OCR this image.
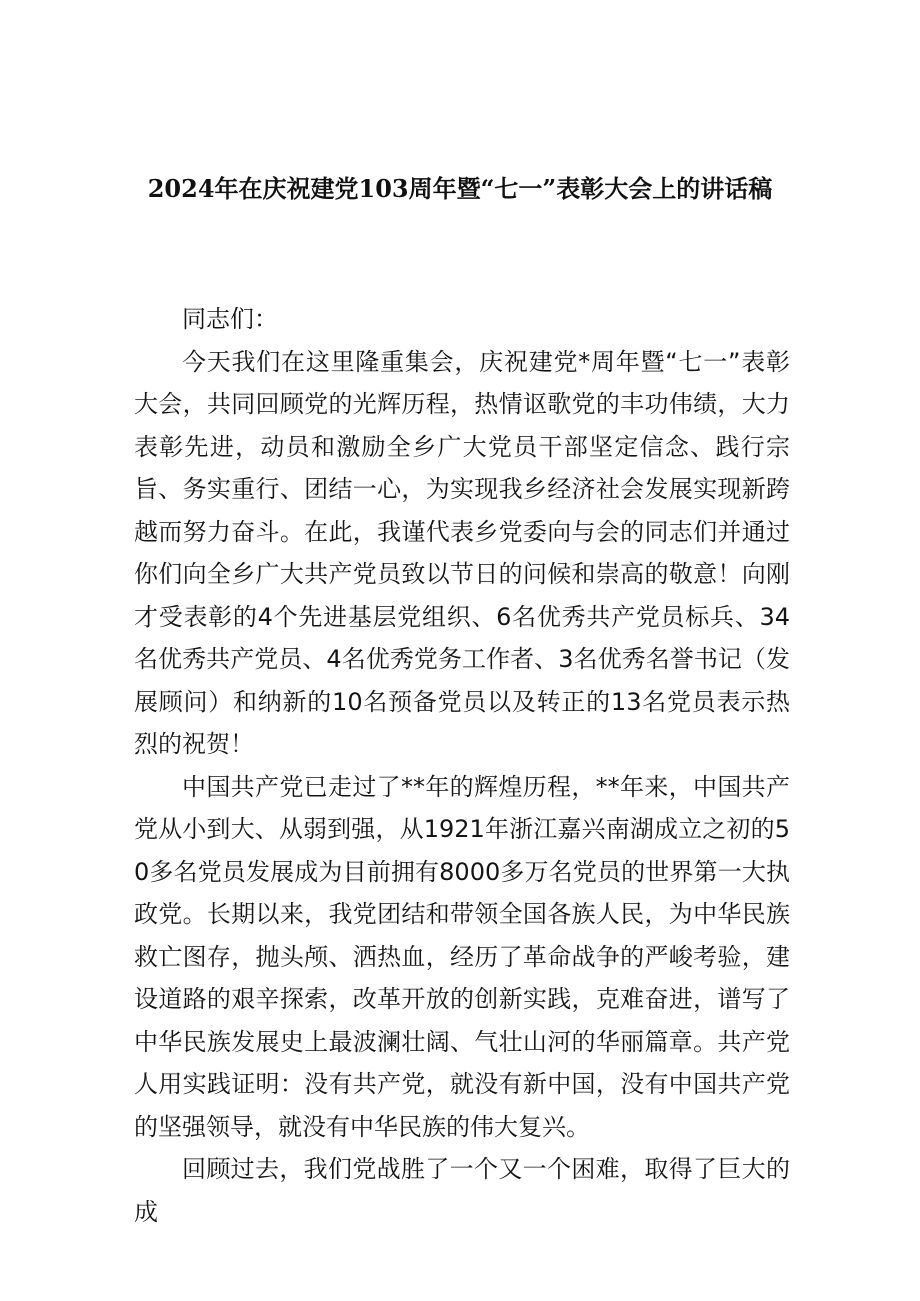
2024年在庆祝建党103周年暨“七一”表彰大会上的讲话稿

同志们：

今天我们在这里隆重集会，庆祝建党*周年暨“七一”表彰大会，共同回顾党的光辉历程，热情讴歌党的丰功伟绩，大力表彰先进，动员和激励全乡广大党员干部坚定信念、践行宗旨、务实重行、团结一心，为实现我乡经济社会发展实现新跨越而努力奋斗。在此，我谨代表乡党委向与会的同志们并通过你们向全乡广大共产党员致以节日的问候和崇高的敬意！向刚才受表彰的4个先进基层党组织、6名优秀共产党员标兵、34名优秀共产党员、4名优秀党务工作者、3名优秀名誉书记（发展顾问）和纳新的10名预备党员以及转正的13名党员表示热烈的祝贺！

中国共产党已走过了**年的辉煌历程，**年来，中国共产党从小到大、从弱到强，从1921年浙江嘉兴南湖成立之初的50多名党员发展成为目前拥有8000多万名党员的世界第一大执政党。长期以来，我党团结和带领全国各族人民，为中华民族救亡图存，抛头颅、洒热血，经历了革命战争的严峻考验，建设道路的艰辛探索，改革开放的创新实践，克难奋进，谱写了中华民族发展史上最波澜壮阔、气壮山河的华丽篇章。共产党人用实践证明：没有共产党，就没有新中国，没有中国共产党的坚强领导，就没有中华民族的伟大复兴。

回顾过去，我们党战胜了一个又一个困难，取得了巨大的成
